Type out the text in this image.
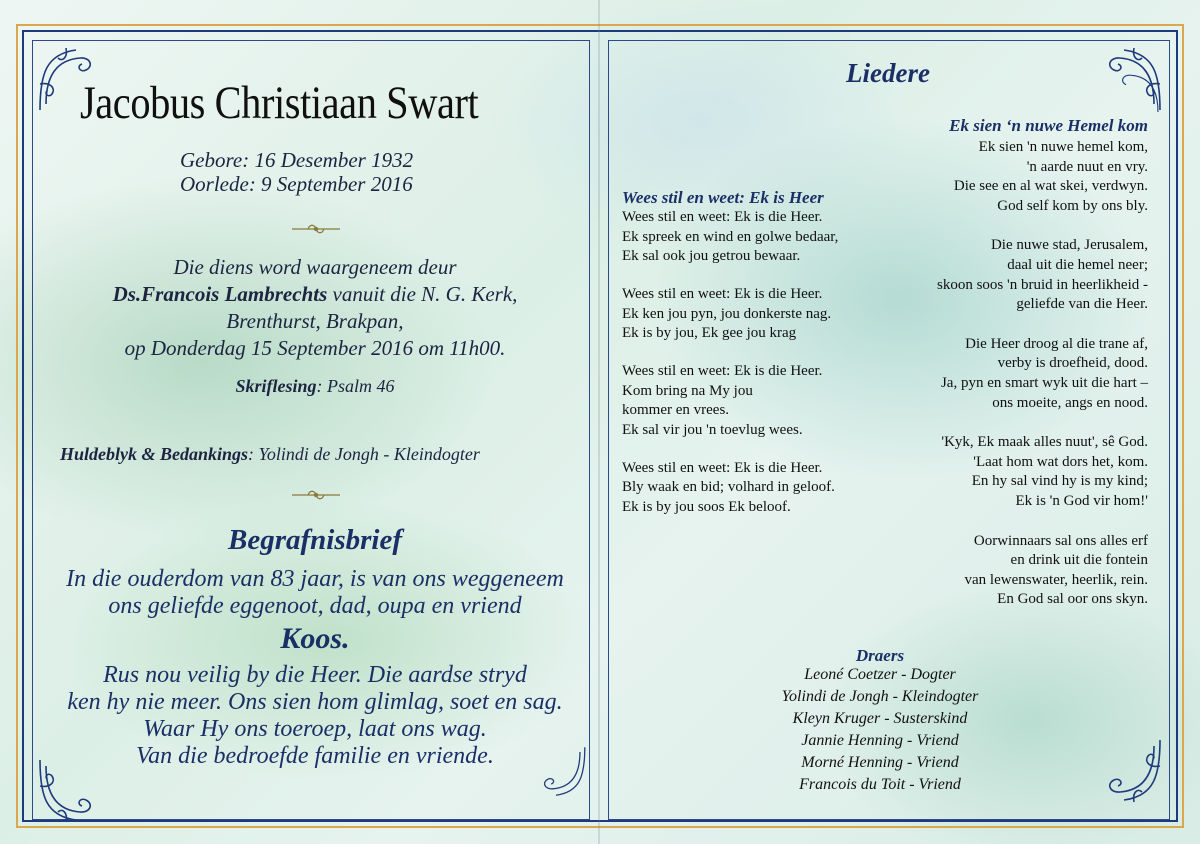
Jacobus Christiaan Swart
Gebore: 16 Desember 1932
Oorlede: 9 September 2016
Die diens word waargeneem deur
Ds.Francois Lambrechts vanuit die N. G. Kerk,
Brenthurst, Brakpan,
op Donderdag 15 September 2016 om 11h00.
Skriflesing: Psalm 46
Huldeblyk & Bedankings: Yolindi de Jongh - Kleindogter
Begrafnisbrief
In die ouderdom van 83 jaar, is van ons weggeneem
ons geliefde eggenoot, dad, oupa en vriend
Koos.
Rus nou veilig by die Heer. Die aardse stryd
ken hy nie meer. Ons sien hom glimlag, soet en sag.
Waar Hy ons toeroep, laat ons wag.
Van die bedroefde familie en vriende.
Liedere
Wees stil en weet: Ek is Heer
Wees stil en weet: Ek is die Heer.
Ek spreek en wind en golwe bedaar,
Ek sal ook jou getrou bewaar.
Wees stil en weet: Ek is die Heer.
Ek ken jou pyn, jou donkerste nag.
Ek is by jou, Ek gee jou krag
Wees stil en weet: Ek is die Heer.
Kom bring na My jou
kommer en vrees.
Ek sal vir jou 'n toevlug wees.
Wees stil en weet: Ek is die Heer.
Bly waak en bid; volhard in geloof.
Ek is by jou soos Ek beloof.
Ek sien ‘n nuwe Hemel kom
Ek sien 'n nuwe hemel kom,
'n aarde nuut en vry.
Die see en al wat skei, verdwyn.
God self kom by ons bly.
Die nuwe stad, Jerusalem,
daal uit die hemel neer;
skoon soos 'n bruid in heerlikheid -
geliefde van die Heer.
Die Heer droog al die trane af,
verby is droefheid, dood.
Ja, pyn en smart wyk uit die hart –
ons moeite, angs en nood.
'Kyk, Ek maak alles nuut', sê God.
'Laat hom wat dors het, kom.
En hy sal vind hy is my kind;
Ek is 'n God vir hom!'
Oorwinnaars sal ons alles erf
en drink uit die fontein
van lewenswater, heerlik, rein.
En God sal oor ons skyn.
Draers
Leoné Coetzer - Dogter
Yolindi de Jongh - Kleindogter
Kleyn Kruger - Susterskind
Jannie Henning - Vriend
Morné Henning - Vriend
Francois du Toit - Vriend
